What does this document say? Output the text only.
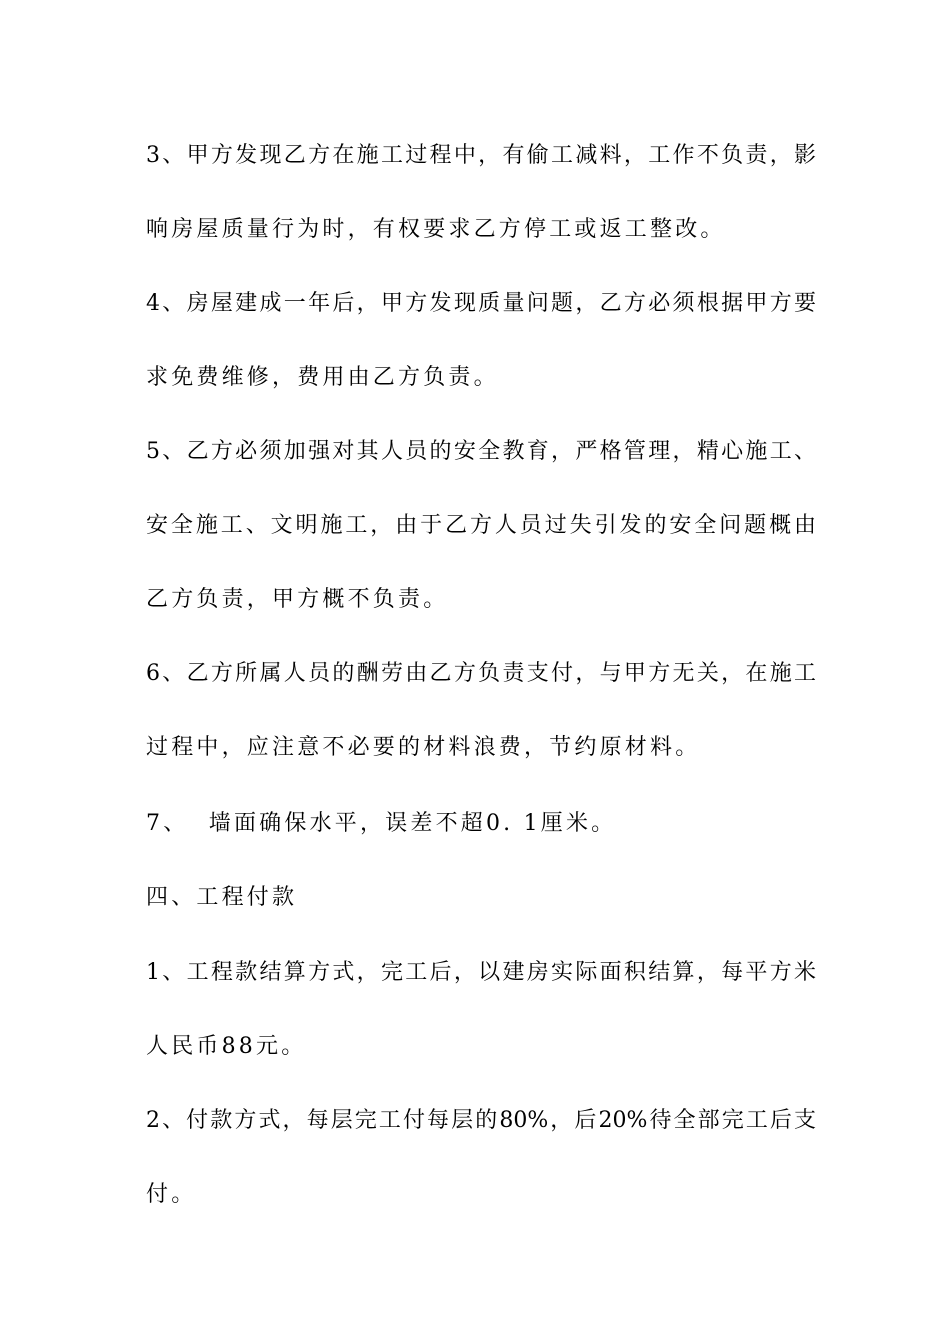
3、甲方发现乙方在施工过程中，有偷工减料，工作不负责，影
响房屋质量行为时，有权要求乙方停工或返工整改。
4、房屋建成一年后，甲方发现质量问题，乙方必须根据甲方要
求免费维修，费用由乙方负责。
5、乙方必须加强对其人员的安全教育，严格管理，精心施工、
安全施工、文明施工，由于乙方人员过失引发的安全问题概由
乙方负责，甲方概不负责。
6、乙方所属人员的酬劳由乙方负责支付，与甲方无关，在施工
过程中，应注意不必要的材料浪费，节约原材料。
7、  墙面确保水平，误差不超0. 1厘米。
四、工程付款
1、工程款结算方式，完工后，以建房实际面积结算，每平方米
人民币88元。
2、付款方式，每层完工付每层的80%，后20%待全部完工后支
付。
